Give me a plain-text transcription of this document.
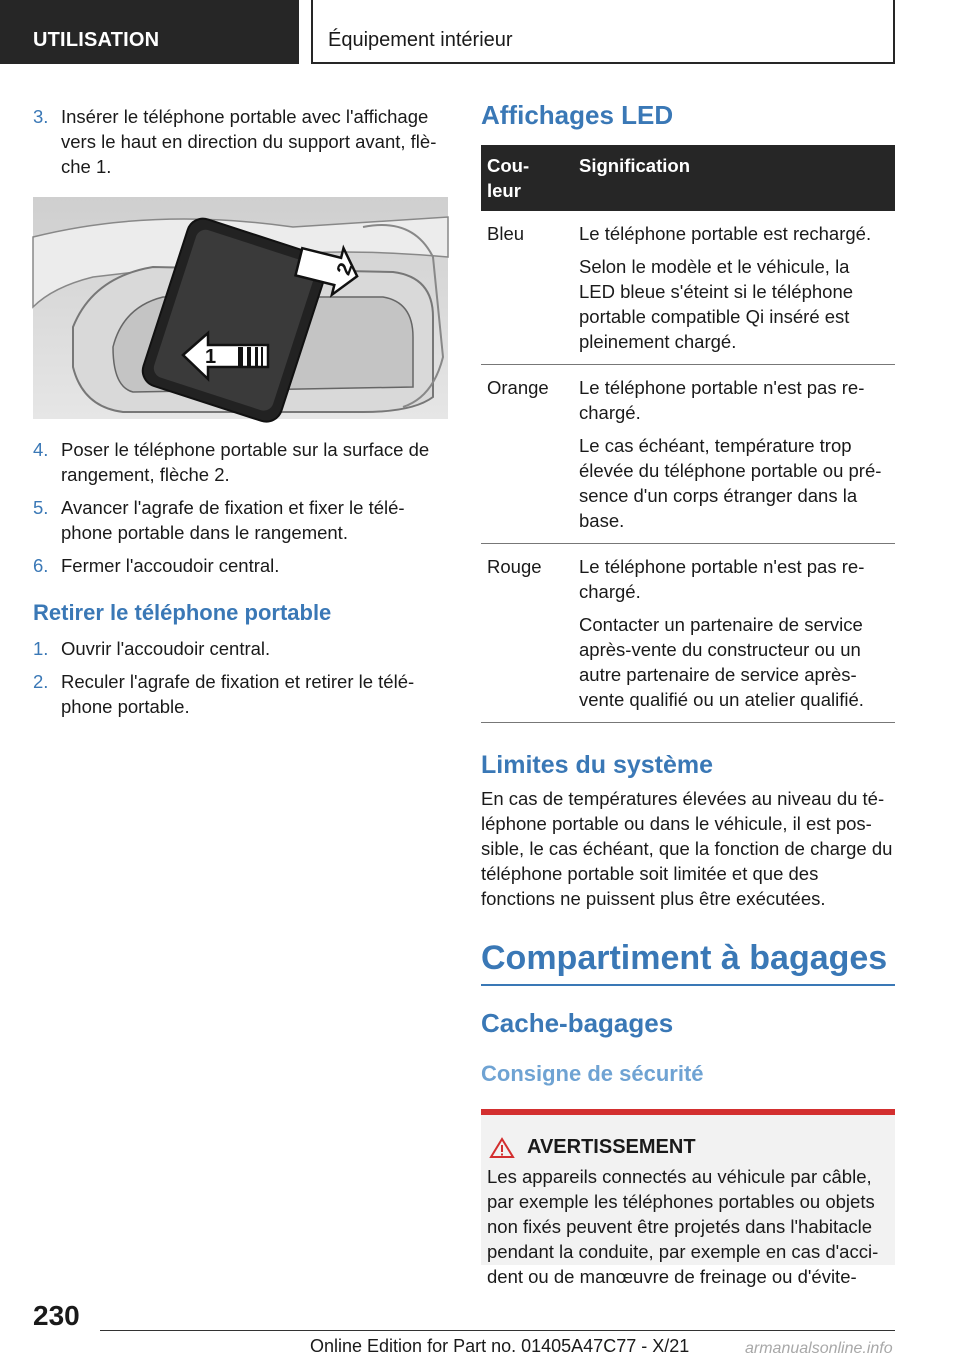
UTILISATION	Équipement intérieur
3. Insérer le téléphone portable avec l'affichage vers le haut en direction du support avant, flèche 1.
1
2
4. Poser le téléphone portable sur la surface de rangement, flèche 2.
5. Avancer l'agrafe de fixation et fixer le téléphone portable dans le rangement.
6. Fermer l'accoudoir central.
Retirer le téléphone portable
1. Ouvrir l'accoudoir central.
2. Reculer l'agrafe de fixation et retirer le téléphone portable.
Affichages LED
Cou-
leur	Signification
Bleu	Le téléphone portable est rechargé.

Selon le modèle et le véhicule, la LED bleue s'éteint si le téléphone portable compatible Qi inséré est pleinement chargé.

Orange	Le téléphone portable n'est pas rechargé.

Le cas échéant, température trop élevée du téléphone portable ou présence d'un corps étranger dans la base.

Rouge	Le téléphone portable n'est pas rechargé.

Contacter un partenaire de service après-vente du constructeur ou un autre partenaire de service après-vente qualifié ou un atelier qualifié.

Limites du système
En cas de températures élevées au niveau du téléphone portable ou dans le véhicule, il est possible, le cas échéant, que la fonction de charge du téléphone portable soit limitée et que des fonctions ne puissent plus être exécutées.
Compartiment à bagages
Cache-bagages
Consigne de sécurité
AVERTISSEMENT
Les appareils connectés au véhicule par câble, par exemple les téléphones portables ou objets non fixés peuvent être projetés dans l'habitacle pendant la conduite, par exemple en cas d'accident ou de manœuvre de freinage ou d'évite-
230
Online Edition for Part no. 01405A47C77 - X/21	armanualsonline.info
